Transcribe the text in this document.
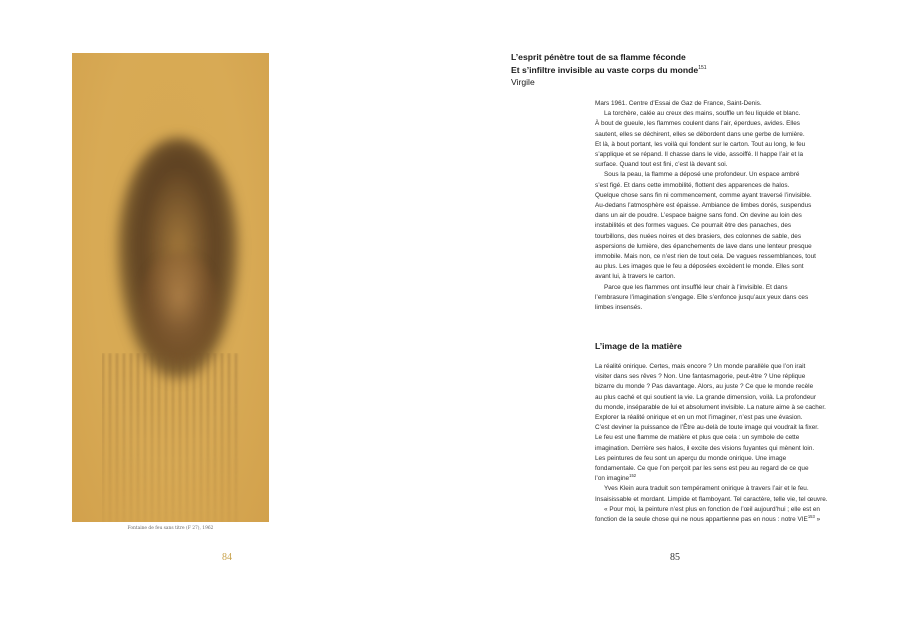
Fontaine de feu sans titre (F 27), 1962
84
L’esprit pénètre tout de sa flamme féconde
Et s’infiltre invisible au vaste corps du monde$^{151}$
Virgile
Mars 1961. Centre d’Essai de Gaz de France, Saint-Denis.
La torchère, calée au creux des mains, souffle un feu liquide et blanc.
À bout de gueule, les flammes coulent dans l’air, éperdues, avides. Elles
sautent, elles se déchirent, elles se débordent dans une gerbe de lumière.
Et là, à bout portant, les voilà qui fondent sur le carton. Tout au long, le feu
s’applique et se répand. Il chasse dans le vide, assoiffé. Il happe l’air et la
surface. Quand tout est fini, c’est là devant soi.
Sous la peau, la flamme a déposé une profondeur. Un espace ambré
s’est figé. Et dans cette immobilité, flottent des apparences de halos.
Quelque chose sans fin ni commencement, comme ayant traversé l’invisible.
Au-dedans l’atmosphère est épaisse. Ambiance de limbes dorés, suspendus
dans un air de poudre. L’espace baigne sans fond. On devine au loin des
instabilités et des formes vagues. Ce pourrait être des panaches, des
tourbillons, des nuées noires et des brasiers, des colonnes de sable, des
aspersions de lumière, des épanchements de lave dans une lenteur presque
immobile. Mais non, ce n’est rien de tout cela. De vagues ressemblances, tout
au plus. Les images que le feu a déposées excèdent le monde. Elles sont
avant lui, à travers le carton.
Parce que les flammes ont insufflé leur chair à l’invisible. Et dans
l’embrasure l’imagination s’engage. Elle s’enfonce jusqu’aux yeux dans ces
limbes insensés.
L’image de la matière
La réalité onirique. Certes, mais encore ? Un monde parallèle que l’on irait
visiter dans ses rêves ? Non. Une fantasmagorie, peut-être ? Une réplique
bizarre du monde ? Pas davantage. Alors, au juste ? Ce que le monde recèle
au plus caché et qui soutient la vie. La grande dimension, voilà. La profondeur
du monde, inséparable de lui et absolument invisible. La nature aime à se cacher.
Explorer la réalité onirique et en un mot l’imaginer, n’est pas une évasion.
C’est deviner la puissance de l’Être au-delà de toute image qui voudrait la fixer.
Le feu est une flamme de matière et plus que cela : un symbole de cette
imagination. Derrière ses halos, il excite des visions fuyantes qui mènent loin.
Les peintures de feu sont un aperçu du monde onirique. Une image
fondamentale. Ce que l’on perçoit par les sens est peu au regard de ce que
l’on imagine$^{152}$
Yves Klein aura traduit son tempérament onirique à travers l’air et le feu.
Insaisissable et mordant. Limpide et flamboyant. Tel caractère, telle vie, tel œuvre.
« Pour moi, la peinture n’est plus en fonction de l’œil aujourd’hui ; elle est en
fonction de la seule chose qui ne nous appartienne pas en nous : notre VIE$^{153}$ »
85
